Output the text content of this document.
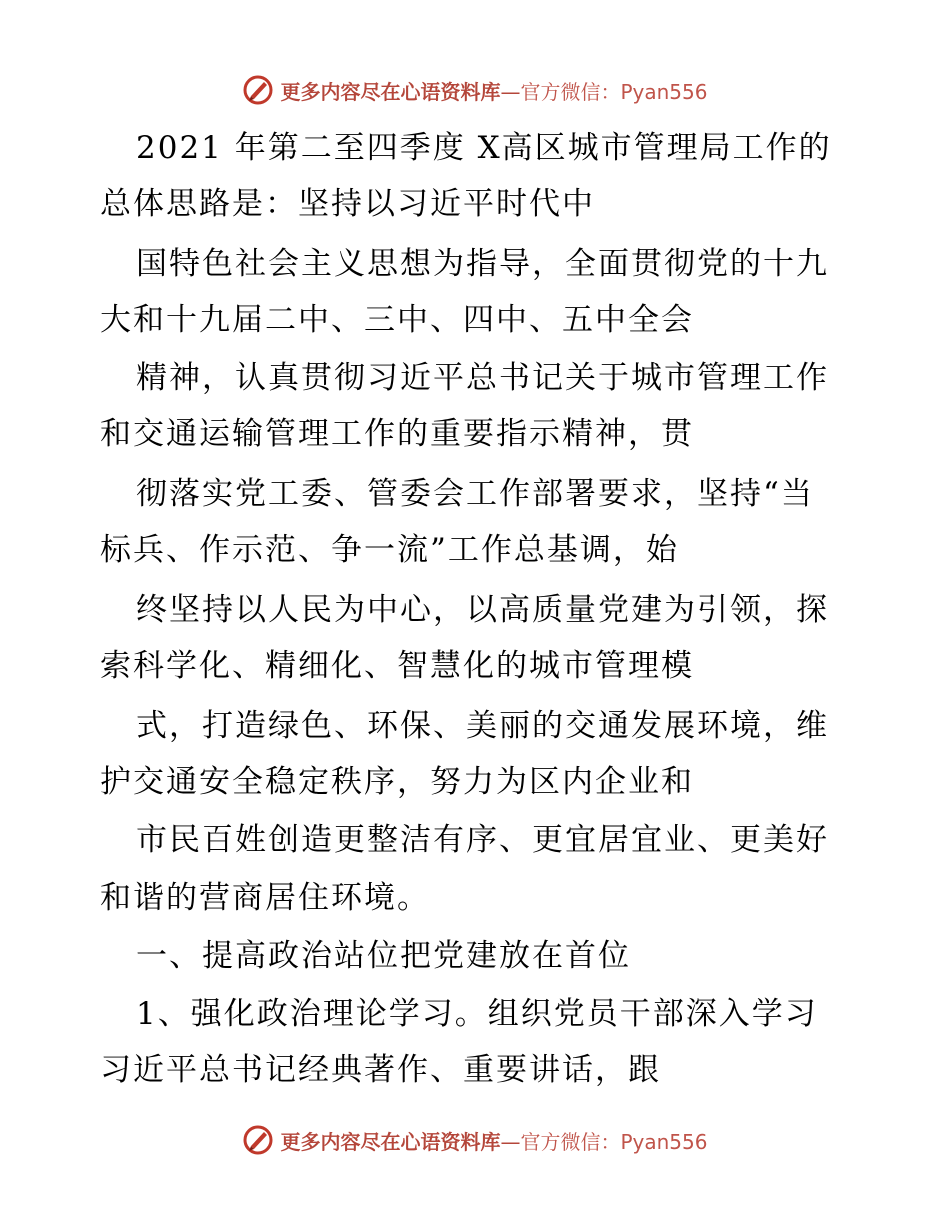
更多内容尽在心语资料库—官方微信：Pyan556
2021 年第二至四季度 X高区城市管理局工作的
总体思路是：坚持以习近平时代中
国特色社会主义思想为指导，全面贯彻党的十九
大和十九届二中、三中、四中、五中全会
精神，认真贯彻习近平总书记关于城市管理工作
和交通运输管理工作的重要指示精神，贯
彻落实党工委、管委会工作部署要求，坚持“当
标兵、作示范、争一流”工作总基调，始
终坚持以人民为中心，以高质量党建为引领，探
索科学化、精细化、智慧化的城市管理模
式，打造绿色、环保、美丽的交通发展环境，维
护交通安全稳定秩序，努力为区内企业和
市民百姓创造更整洁有序、更宜居宜业、更美好
和谐的营商居住环境。
一、提高政治站位把党建放在首位
1、强化政治理论学习。组织党员干部深入学习
习近平总书记经典著作、重要讲话，跟
更多内容尽在心语资料库—官方微信：Pyan556
